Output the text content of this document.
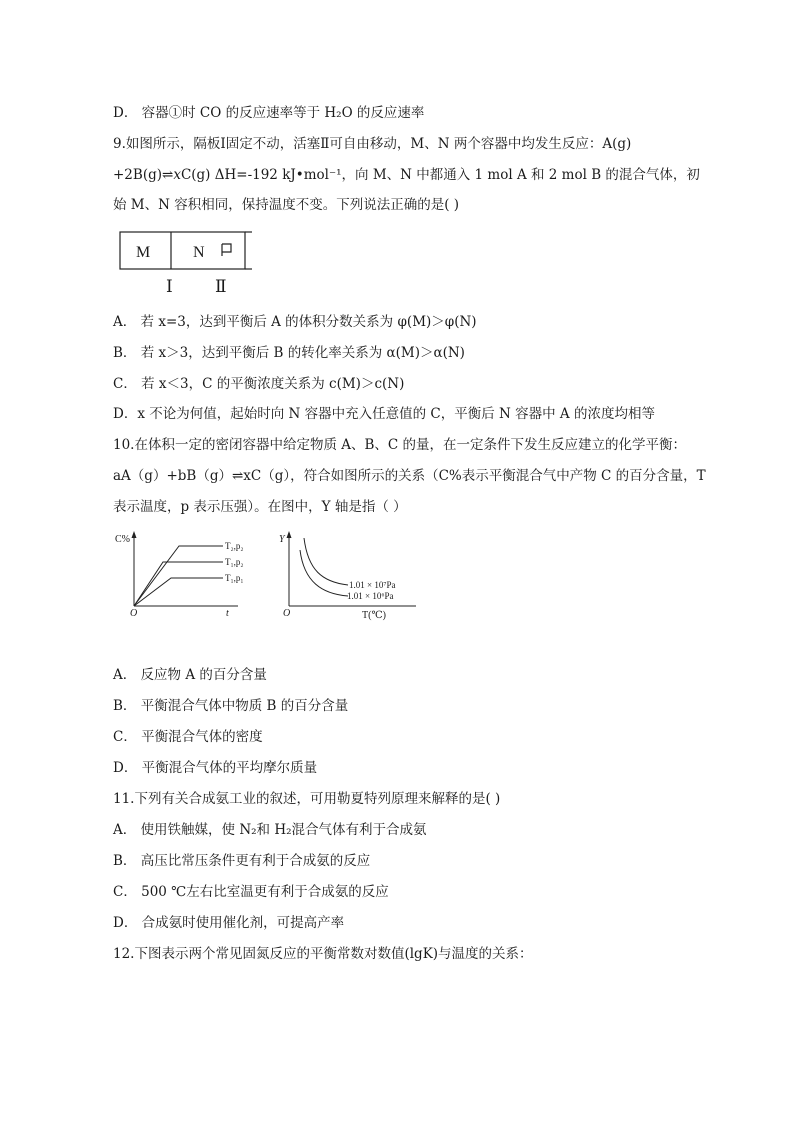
D． 容器①时 CO 的反应速率等于 H₂O 的反应速率
9.如图所示，隔板Ⅰ固定不动，活塞Ⅱ可自由移动，M、N 两个容器中均发生反应：A(g)
+2B(g)⇌xC(g) ΔH=-192 kJ•mol⁻¹，向 M、N 中都通入 1 mol A 和 2 mol B 的混合气体，初
始 M、N 容积相同，保持温度不变。下列说法正确的是( )
M	N
Ⅰ Ⅱ
A． 若 x=3，达到平衡后 A 的体积分数关系为 φ(M)＞φ(N)
B． 若 x＞3，达到平衡后 B 的转化率关系为 α(M)＞α(N)
C． 若 x＜3，C 的平衡浓度关系为 c(M)＞c(N)
D．x 不论为何值，起始时向 N 容器中充入任意值的 C，平衡后 N 容器中 A 的浓度均相等
10.在体积一定的密闭容器中给定物质 A、B、C 的量，在一定条件下发生反应建立的化学平衡：
aA（g）+bB（g）⇌xC（g），符合如图所示的关系（C%表示平衡混合气中产物 C 的百分含量，T
表示温度，p 表示压强）。在图中，Y 轴是指（ ）
C%
O	t
T₂,p₂
T₁,p₂
T₁,p₁
Y
O	T(℃)
1.01 × 10⁷Pa
1.01 × 10⁶Pa
A． 反应物 A 的百分含量
B． 平衡混合气体中物质 B 的百分含量
C． 平衡混合气体的密度
D． 平衡混合气体的平均摩尔质量
11.下列有关合成氨工业的叙述，可用勒夏特列原理来解释的是( )
A． 使用铁触媒，使 N₂和 H₂混合气体有利于合成氨
B． 高压比常压条件更有利于合成氨的反应
C． 500 ℃左右比室温更有利于合成氨的反应
D． 合成氨时使用催化剂，可提高产率
12.下图表示两个常见固氮反应的平衡常数对数值(lgK)与温度的关系：
